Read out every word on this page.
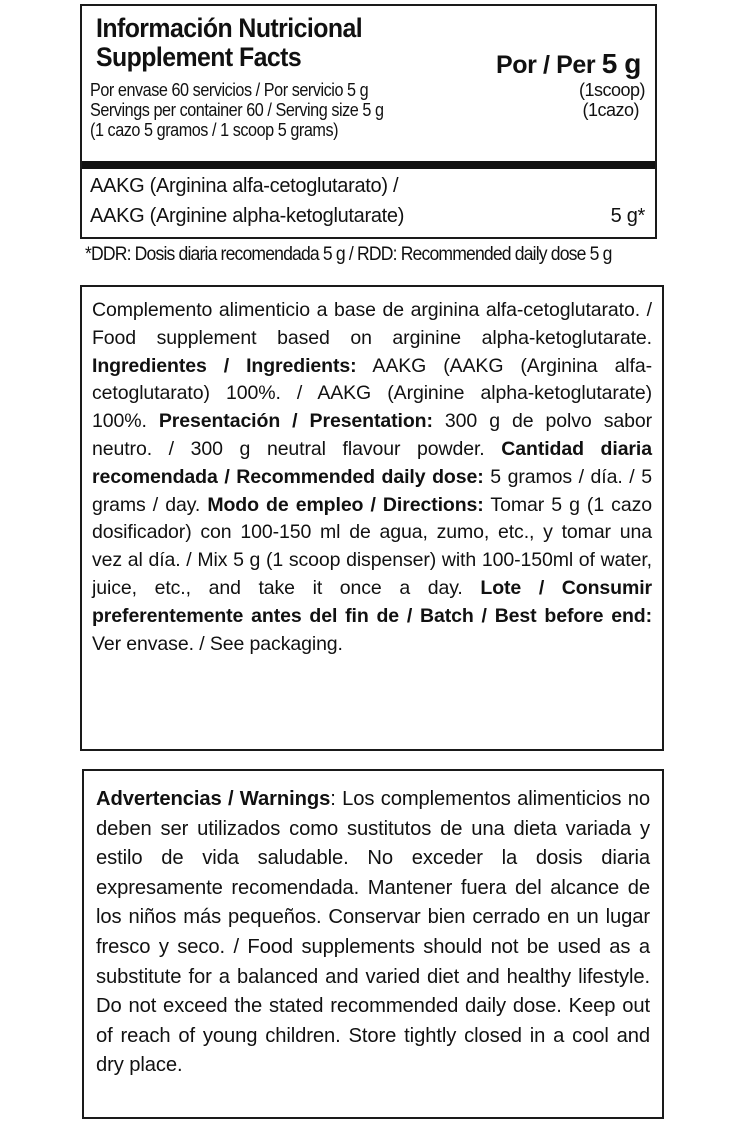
Información Nutricional
Supplement Facts	Por / Per 5 g
Por envase 60 servicios / Por servicio 5 g	(1scoop)
Servings per container 60 / Serving size 5 g	(1cazo)
(1 cazo 5 gramos / 1 scoop 5 grams)
AAKG (Arginina alfa-cetoglutarato) /
AAKG (Arginine alpha-ketoglutarate)	5 g*
*DDR: Dosis diaria recomendada 5 g / RDD: Recommended daily dose 5 g
Complemento alimenticio a base de arginina alfa-cetoglutarato. / Food supplement based on arginine alpha-ketoglutarate. Ingredientes / Ingredients: AAKG (AAKG (Arginina alfa-cetoglutarato) 100%. / AAKG (Arginine alpha-ketoglutarate) 100%. Presentación / Presentation: 300 g de polvo sabor neutro. / 300 g neutral flavour powder. Cantidad diaria recomendada / Recommended daily dose: 5 gramos / día. / 5 grams / day. Modo de empleo / Directions: Tomar 5 g (1 cazo dosificador) con 100-150 ml de agua, zumo, etc., y tomar una vez al día. / Mix 5 g (1 scoop dispenser) with 100-150ml of water, juice, etc., and take it once a day. Lote / Consumir preferentemente antes del fin de / Batch / Best before end: Ver envase. / See packaging.
Advertencias / Warnings: Los complementos alimenticios no deben ser utilizados como sustitutos de una dieta variada y estilo de vida saludable. No exceder la dosis diaria expresamente recomendada. Mantener fuera del alcance de los niños más pequeños. Conservar bien cerrado en un lugar fresco y seco. / Food supplements should not be used as a substitute for a balanced and varied diet and healthy lifestyle. Do not exceed the stated recommended daily dose. Keep out of reach of young children. Store tightly closed in a cool and dry place.
